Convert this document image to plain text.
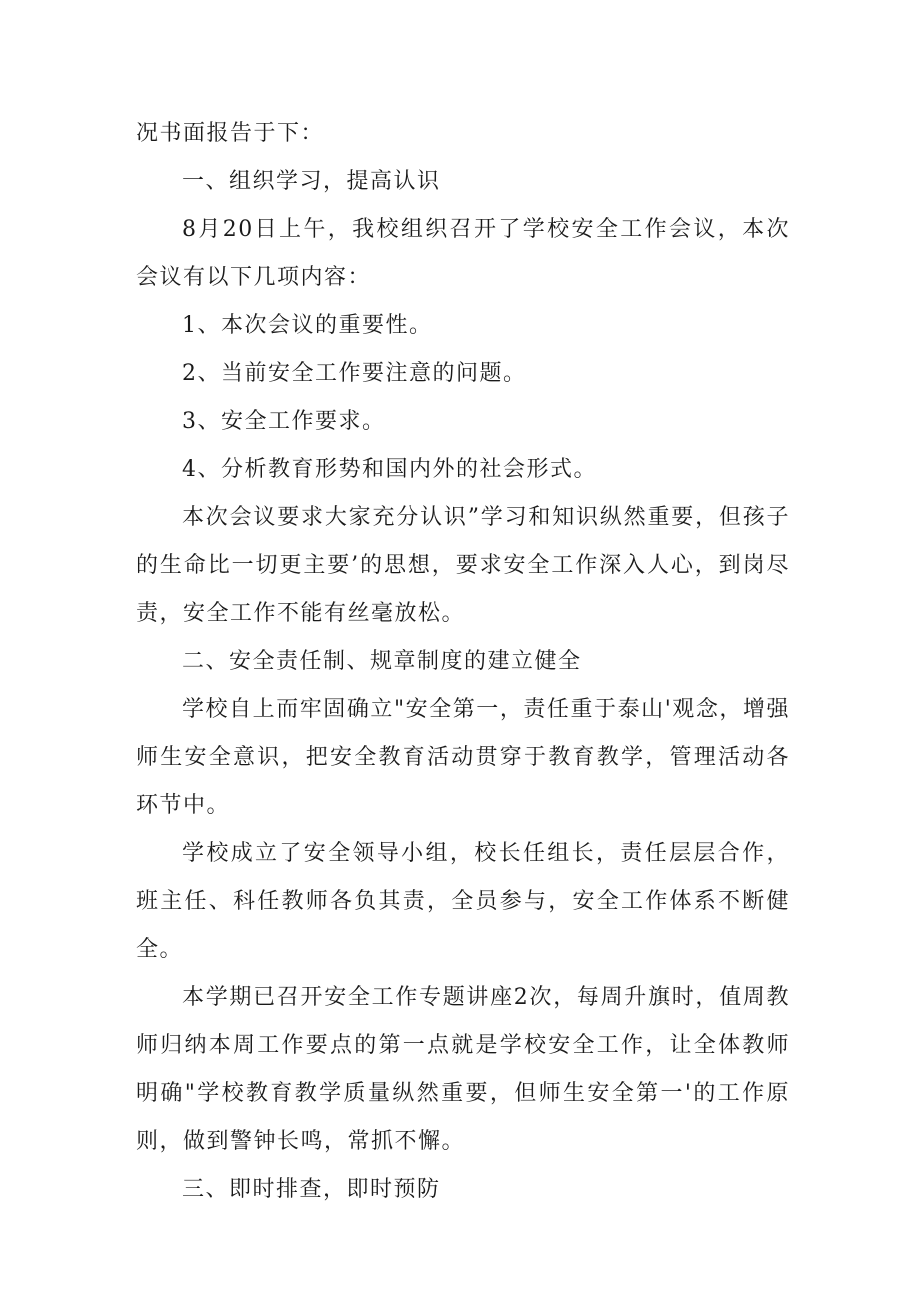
况书面报告于下：

一、组织学习，提高认识

8月20日上午，我校组织召开了学校安全工作会议，本次会议有以下几项内容：

1、本次会议的重要性。

2、当前安全工作要注意的问题。

3、安全工作要求。

4、分析教育形势和国内外的社会形式。

本次会议要求大家充分认识”学习和知识纵然重要，但孩子的生命比一切更主要’的思想，要求安全工作深入人心，到岗尽责，安全工作不能有丝毫放松。

二、安全责任制、规章制度的建立健全

学校自上而牢固确立"安全第一，责任重于泰山'观念，增强师生安全意识，把安全教育活动贯穿于教育教学，管理活动各环节中。

学校成立了安全领导小组，校长任组长，责任层层合作，班主任、科任教师各负其责，全员参与，安全工作体系不断健全。

本学期已召开安全工作专题讲座2次，每周升旗时，值周教师归纳本周工作要点的第一点就是学校安全工作，让全体教师明确"学校教育教学质量纵然重要，但师生安全第一'的工作原则，做到警钟长鸣，常抓不懈。

三、即时排查，即时预防
